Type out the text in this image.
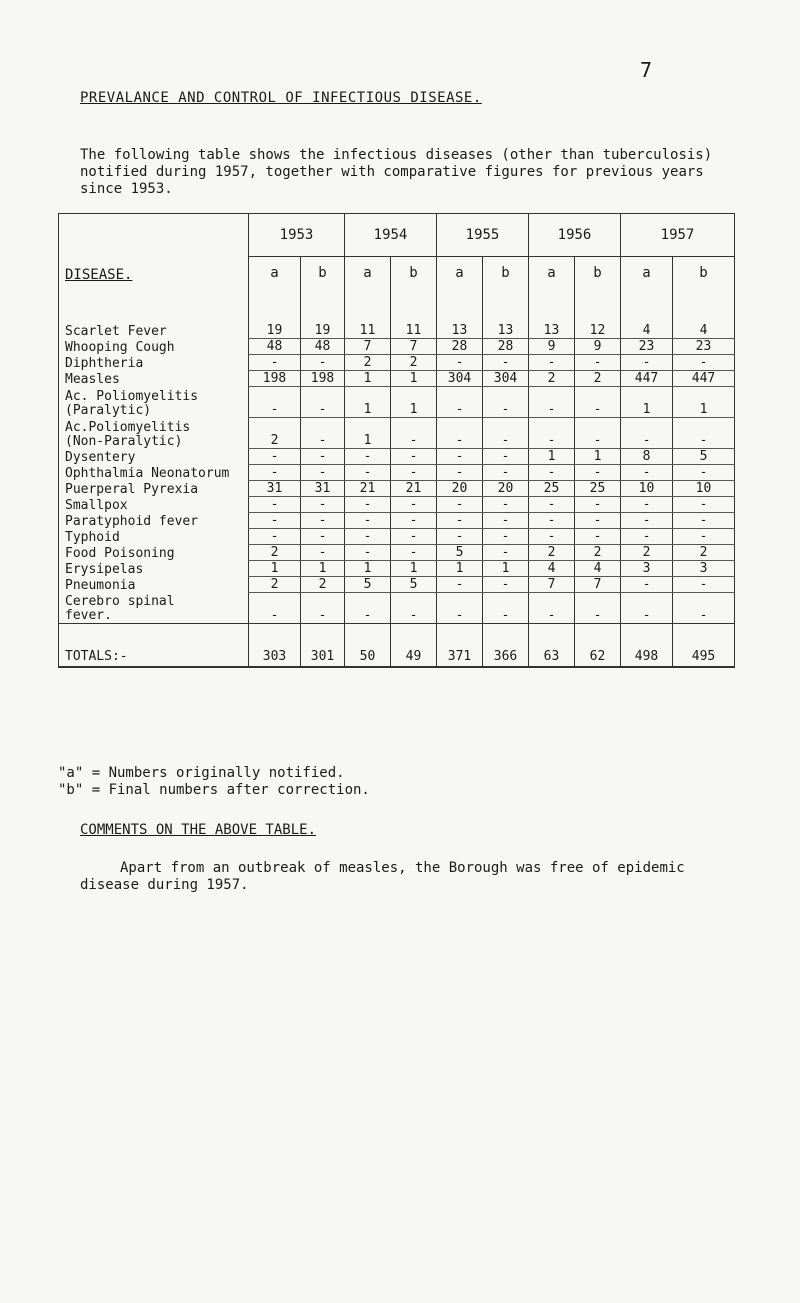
7
PREVALANCE AND CONTROL OF INFECTIOUS DISEASE.

The following table shows the infectious diseases (other than tuberculosis) notified during 1957, together with comparative figures for previous years since 1953.

DISEASE.	1953		1954		1955		1956		1957	
	a	b	a	b	a	b	a	b	a	b

Scarlet Fever	19	19	11	11	13	13	13	12	4	4
Whooping Cough	48	48	7	7	28	28	9	9	23	23
Diphtheria	-	-	2	2	-	-	-	-	-	-
Measles	198	198	1	1	304	304	2	2	447	447
Ac. Poliomyelitis
(Paralytic)	-	-	1	1	-	-	-	-	1	1
Ac.Poliomyelitis
(Non-Paralytic)	2	-	1	-	-	-	-	-	-	-
Dysentery	-	-	-	-	-	-	1	1	8	5
Ophthalmia Neonatorum	-	-	-	-	-	-	-	-	-	-
Puerperal Pyrexia	31	31	21	21	20	20	25	25	10	10
Smallpox	-	-	-	-	-	-	-	-	-	-
Paratyphoid fever	-	-	-	-	-	-	-	-	-	-
Typhoid	-	-	-	-	-	-	-	-	-	-
Food Poisoning	2	-	-	-	5	-	2	2	2	2
Erysipelas	1	1	1	1	1	1	4	4	3	3
Pneumonia	2	2	5	5	-	-	7	7	-	-
Cerebro spinal
fever.	-	-	-	-	-	-	-	-	-	-
TOTALS:-	303	301	50	49	371	366	63	62	498	495

"a" = Numbers originally notified.

"b" = Final numbers after correction.

COMMENTS ON THE ABOVE TABLE.

Apart from an outbreak of measles, the Borough was free of epidemic disease during 1957.
